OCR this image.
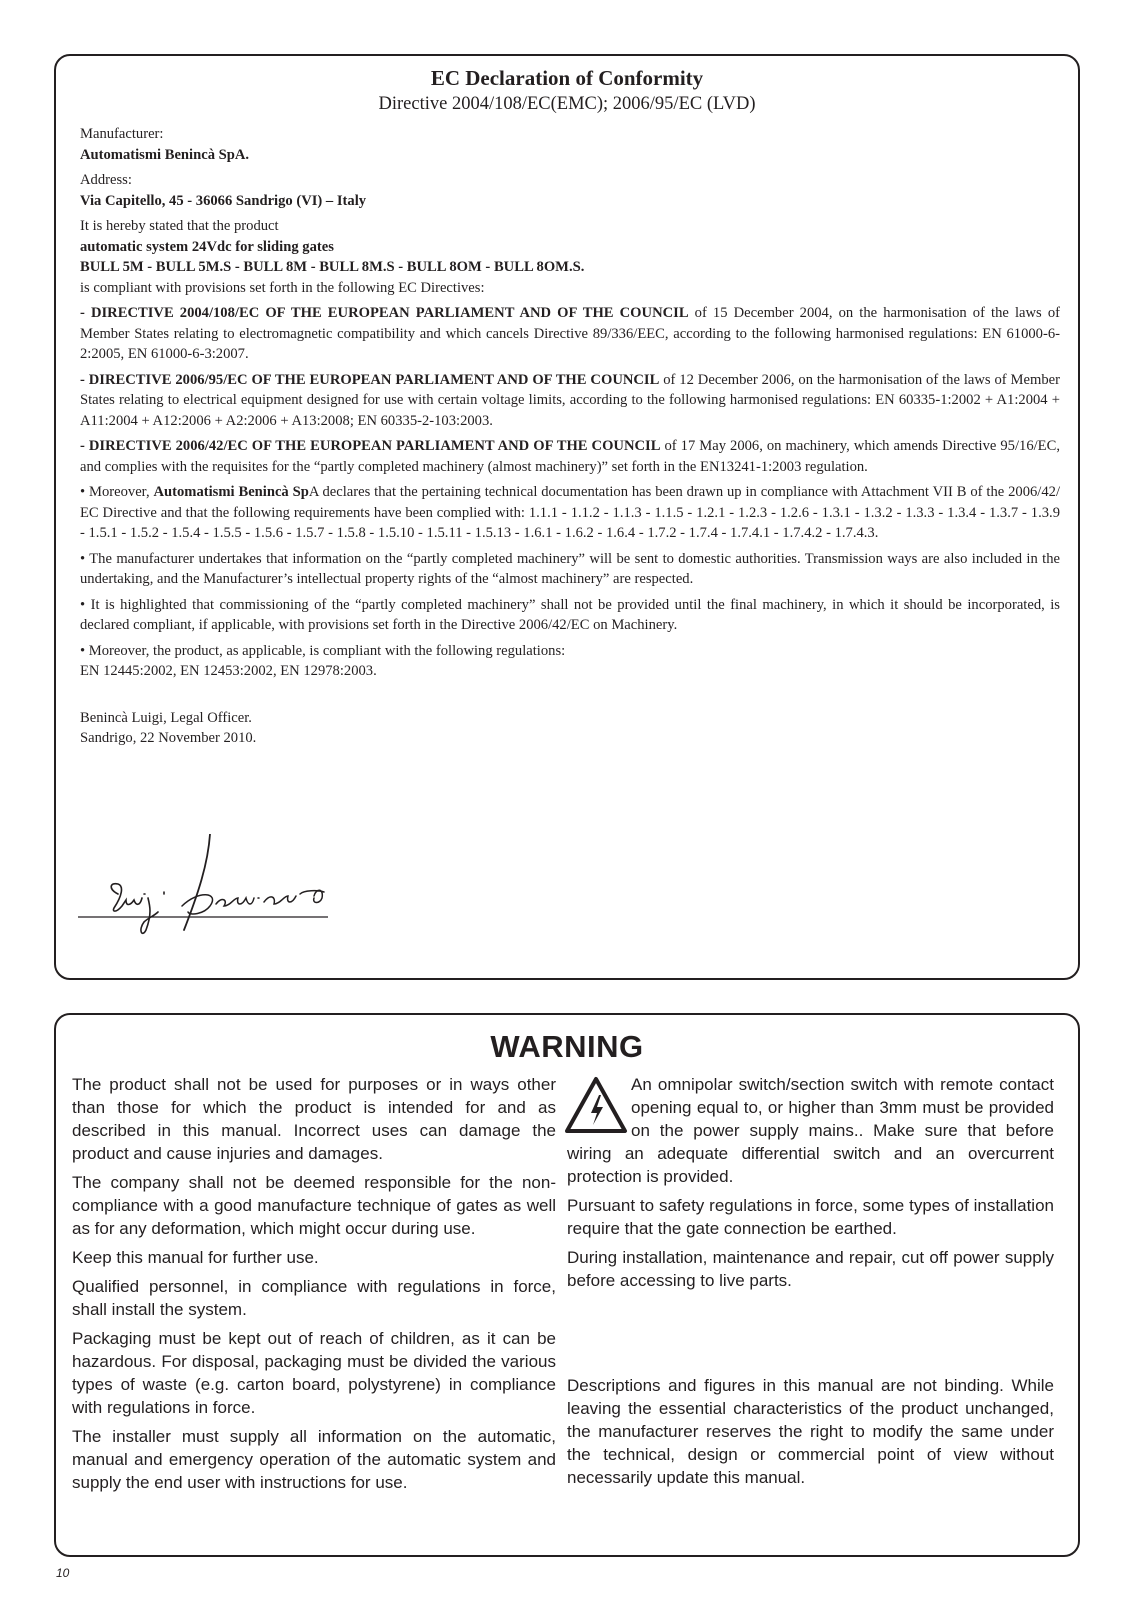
EC Declaration of Conformity
Directive 2004/108/EC(EMC); 2006/95/EC (LVD)

Manufacturer:

Automatismi Benincà SpA.

Address:

Via Capitello, 45 - 36066 Sandrigo (VI) – Italy

It is hereby stated that the product

automatic system 24Vdc for sliding gates

BULL 5M - BULL 5M.S - BULL 8M - BULL 8M.S - BULL 8OM - BULL 8OM.S.

is compliant with provisions set forth in the following EC Directives:

- DIRECTIVE 2004/108/EC OF THE EUROPEAN PARLIAMENT AND OF THE COUNCIL of 15 December 2004, on the harmonisation of the laws of Member States relating to electromagnetic compatibility and which cancels Directive 89/336/EEC, according to the following harmonised regulations: EN 61000-6-2:2005, EN 61000-6-3:2007.

- DIRECTIVE 2006/95/EC OF THE EUROPEAN PARLIAMENT AND OF THE COUNCIL of 12 December 2006, on the harmonisation of the laws of Member States relating to electrical equipment designed for use with certain voltage limits, according to the following harmonised regulations: EN 60335-1:2002 + A1:2004 + A11:2004 + A12:2006 + A2:2006 + A13:2008; EN 60335-2-103:2003.

- DIRECTIVE 2006/42/EC OF THE EUROPEAN PARLIAMENT AND OF THE COUNCIL of 17 May 2006, on machinery, which amends Directive 95/16/EC, and complies with the requisites for the “partly completed machinery (almost machinery)” set forth in the EN13241-1:2003 regulation.

• Moreover, Automatismi Benincà SpA declares that the pertaining technical documentation has been drawn up in compliance with Attachment VII B of the 2006/42/ EC Directive and that the following requirements have been complied with: 1.1.1 - 1.1.2 - 1.1.3 - 1.1.5 - 1.2.1 - 1.2.3 - 1.2.6 - 1.3.1 - 1.3.2 - 1.3.3 - 1.3.4 - 1.3.7 - 1.3.9 - 1.5.1 - 1.5.2 - 1.5.4 - 1.5.5 - 1.5.6 - 1.5.7 - 1.5.8 - 1.5.10 - 1.5.11 - 1.5.13 - 1.6.1 - 1.6.2 - 1.6.4 - 1.7.2 - 1.7.4 - 1.7.4.1 - 1.7.4.2 - 1.7.4.3.

• The manufacturer undertakes that information on the “partly completed machinery” will be sent to domestic authorities. Transmission ways are also included in the undertaking, and the Manufacturer’s intellectual property rights of the “almost machinery” are respected.

• It is highlighted that commissioning of the “partly completed machinery” shall not be provided until the final machinery, in which it should be incorporated, is declared compliant, if applicable, with provisions set forth in the Directive 2006/42/EC on Machinery.

• Moreover, the product, as applicable, is compliant with the following regulations:

EN 12445:2002, EN 12453:2002, EN 12978:2003.

Benincà Luigi, Legal Officer.

Sandrigo, 22 November 2010.

WARNING

The product shall not be used for purposes or in ways other than those for which the product is intended for and as described in this manual. Incorrect uses can damage the product and cause injuries and damages.

The company shall not be deemed responsible for the non-compliance with a good manufacture technique of gates as well as for any deformation, which might occur during use.

Keep this manual for further use.

Qualified personnel, in compliance with regulations in force, shall install the system.

Packaging must be kept out of reach of children, as it can be hazardous. For disposal, packaging must be divided the various types of waste (e.g. carton board, polystyrene) in compliance with regulations in force.

The installer must supply all information on the automatic, manual and emergency operation of the automatic system and supply the end user with instructions for use.

An omnipolar switch/section switch with remote contact opening equal to, or higher than 3mm must be provided on the power supply mains.. Make sure that before wiring an adequate differential switch and an overcurrent protection is provided.

Pursuant to safety regulations in force, some types of installation require that the gate connection be earthed.

During installation, maintenance and repair, cut off power supply before accessing to live parts.

Descriptions and figures in this manual are not binding. While leaving the essential characteristics of the product unchanged, the manufacturer reserves the right to modify the same under the technical, design or commercial point of view without necessarily update this manual.

10
